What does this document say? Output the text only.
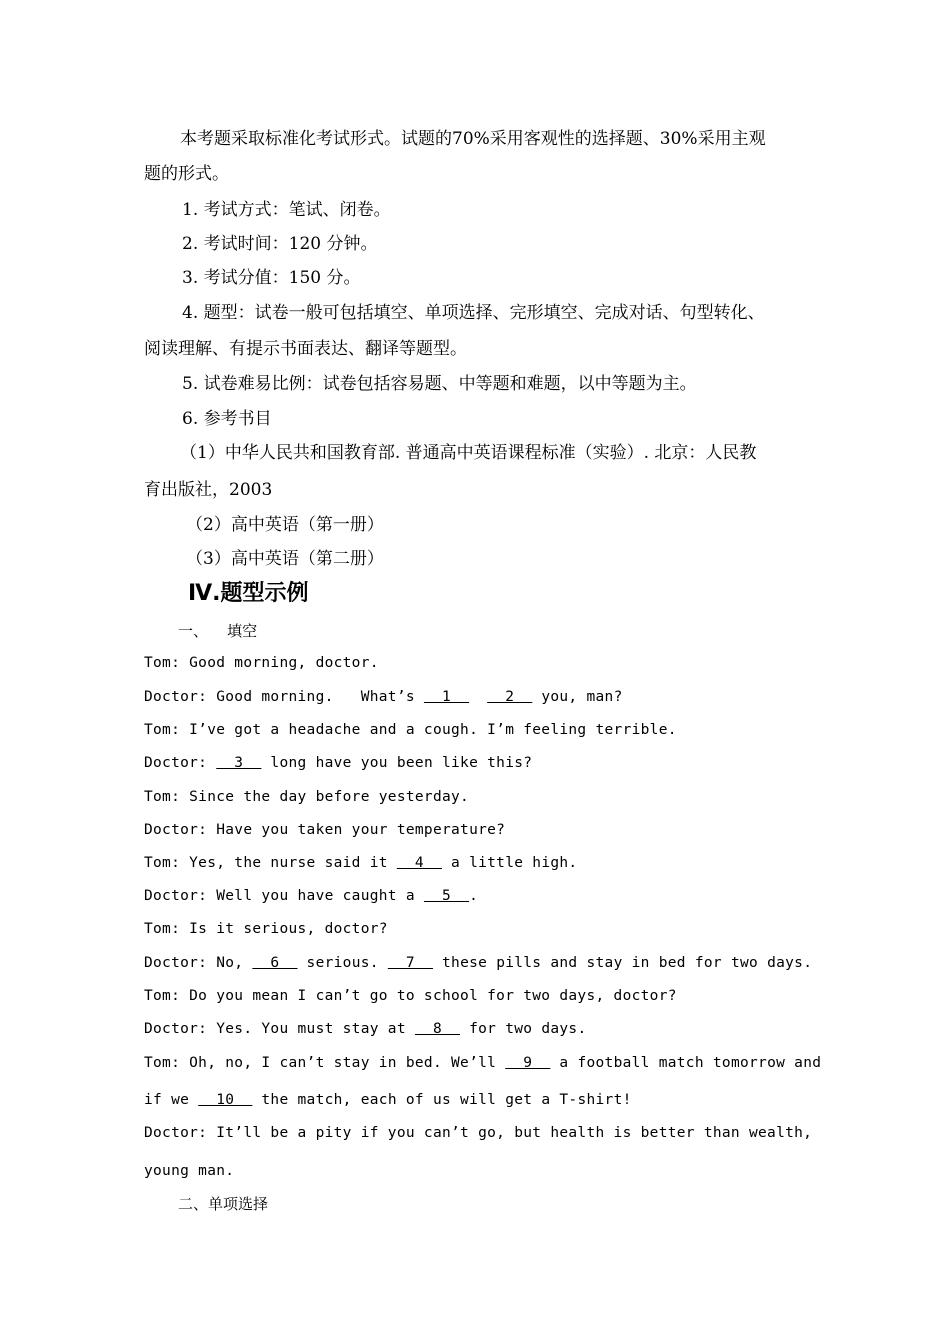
本考题采取标准化考试形式。试题的70%采用客观性的选择题、30%采用主观
题的形式。
1. 考试方式：笔试、闭卷。
2. 考试时间：120 分钟。
3. 考试分值：150 分。
4. 题型：试卷一般可包括填空、单项选择、完形填空、完成对话、句型转化、
阅读理解、有提示书面表达、翻译等题型。
5. 试卷难易比例：试卷包括容易题、中等题和难题，以中等题为主。
6. 参考书目
（1）中华人民共和国教育部. 普通高中英语课程标准（实验）. 北京：人民教
育出版社，2003
（2）高中英语（第一册）
（3）高中英语（第二册）
Ⅳ.题型示例
一、    填空
Tom: Good morning, doctor.
Doctor: Good morning.   What’s   1      2   you, man?
Tom: I’ve got a headache and a cough. I’m feeling terrible.
Doctor:   3   long have you been like this?
Tom: Since the day before yesterday.
Doctor: Have you taken your temperature?
Tom: Yes, the nurse said it   4   a little high.
Doctor: Well you have caught a   5  .
Tom: Is it serious, doctor?
Doctor: No,   6   serious.   7   these pills and stay in bed for two days.
Tom: Do you mean I can’t go to school for two days, doctor?
Doctor: Yes. You must stay at   8   for two days.
Tom: Oh, no, I can’t stay in bed. We’ll   9   a football match tomorrow and
if we   10   the match, each of us will get a T-shirt!
Doctor: It’ll be a pity if you can’t go, but health is better than wealth,
young man.
二、单项选择
